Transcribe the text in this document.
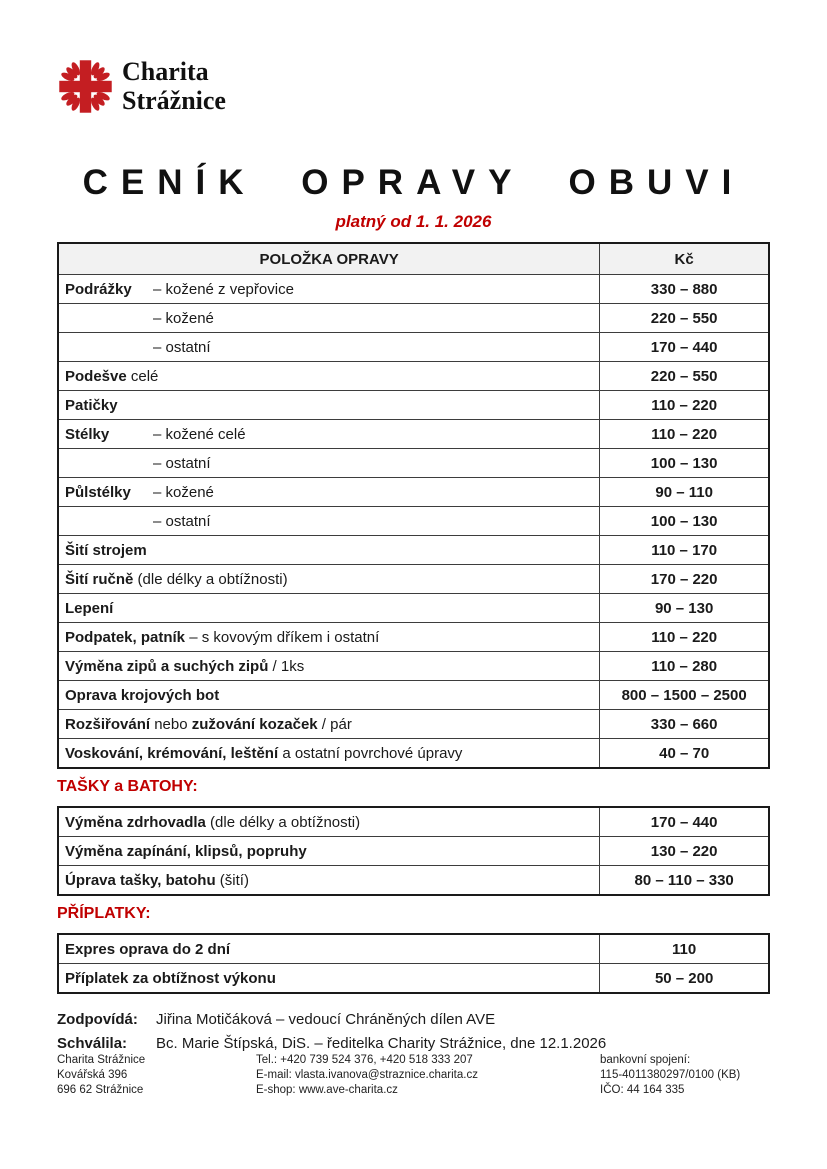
Charita
Strážnice
CENÍK OPRAVY OBUVI
platný od 1. 1. 2026
POLOŽKA OPRAVY	Kč
Podrážky – kožené z vepřovice	330 – 880
– kožené	220 – 550
– ostatní	170 – 440
Podešve celé	220 – 550
Patičky	110 – 220
Stélky – kožené celé	110 – 220
– ostatní	100 – 130
Půlstélky – kožené	90 – 110
– ostatní	100 – 130
Šití strojem	110 – 170
Šití ručně (dle délky a obtížnosti)	170 – 220
Lepení	90 – 130
Podpatek, patník – s kovovým dříkem i ostatní	110 – 220
Výměna zipů a suchých zipů / 1ks	110 – 280
Oprava krojových bot	800 – 1500 – 2500
Rozšiřování nebo zužování kozaček / pár	330 – 660
Voskování, krémování, leštění a ostatní povrchové úpravy	40 – 70
TAŠKY a BATOHY:
Výměna zdrhovadla (dle délky a obtížnosti)	170 – 440
Výměna zapínání, klipsů, popruhy	130 – 220
Úprava tašky, batohu (šití)	80 – 110 – 330
PŘÍPLATKY:
Expres oprava do 2 dní	110
Příplatek za obtížnost výkonu	50 – 200
Zodpovídá:	Jiřina Motičáková – vedoucí Chráněných dílen AVE
Schválila:	Bc. Marie Štípská, DiS. – ředitelka Charity Strážnice, dne 12.1.2026
Charita Strážnice
Kovářská 396
696 62 Strážnice
Tel.: +420 739 524 376, +420 518 333 207
E-mail: vlasta.ivanova@straznice.charita.cz
E-shop: www.ave-charita.cz
bankovní spojení:
115-4011380297/0100 (KB)
IČO: 44 164 335
